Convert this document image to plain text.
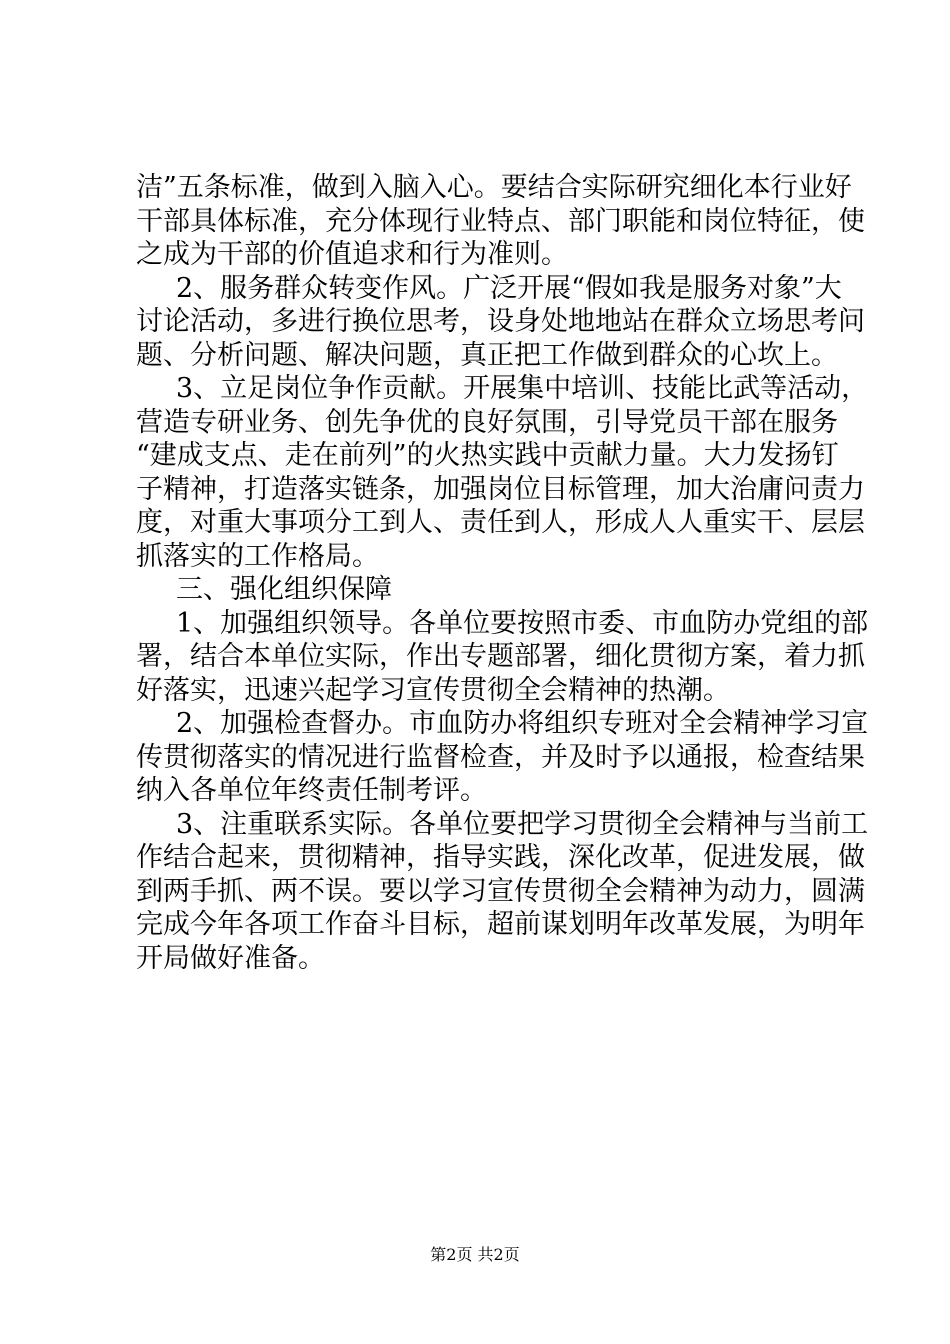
洁”五条标准，做到入脑入心。要结合实际研究细化本行业好
干部具体标准，充分体现行业特点、部门职能和岗位特征，使
之成为干部的价值追求和行为准则。
2、服务群众转变作风。广泛开展“假如我是服务对象”大
讨论活动，多进行换位思考，设身处地地站在群众立场思考问
题、分析问题、解决问题，真正把工作做到群众的心坎上。
3、立足岗位争作贡献。开展集中培训、技能比武等活动，
营造专研业务、创先争优的良好氛围，引导党员干部在服务
“建成支点、走在前列”的火热实践中贡献力量。大力发扬钉
子精神，打造落实链条，加强岗位目标管理，加大治庸问责力
度，对重大事项分工到人、责任到人，形成人人重实干、层层
抓落实的工作格局。
三、强化组织保障
1、加强组织领导。各单位要按照市委、市血防办党组的部
署，结合本单位实际，作出专题部署，细化贯彻方案，着力抓
好落实，迅速兴起学习宣传贯彻全会精神的热潮。
2、加强检查督办。市血防办将组织专班对全会精神学习宣
传贯彻落实的情况进行监督检查，并及时予以通报，检查结果
纳入各单位年终责任制考评。
3、注重联系实际。各单位要把学习贯彻全会精神与当前工
作结合起来，贯彻精神，指导实践，深化改革，促进发展，做
到两手抓、两不误。要以学习宣传贯彻全会精神为动力，圆满
完成今年各项工作奋斗目标，超前谋划明年改革发展，为明年
开局做好准备。
第2页 共2页
